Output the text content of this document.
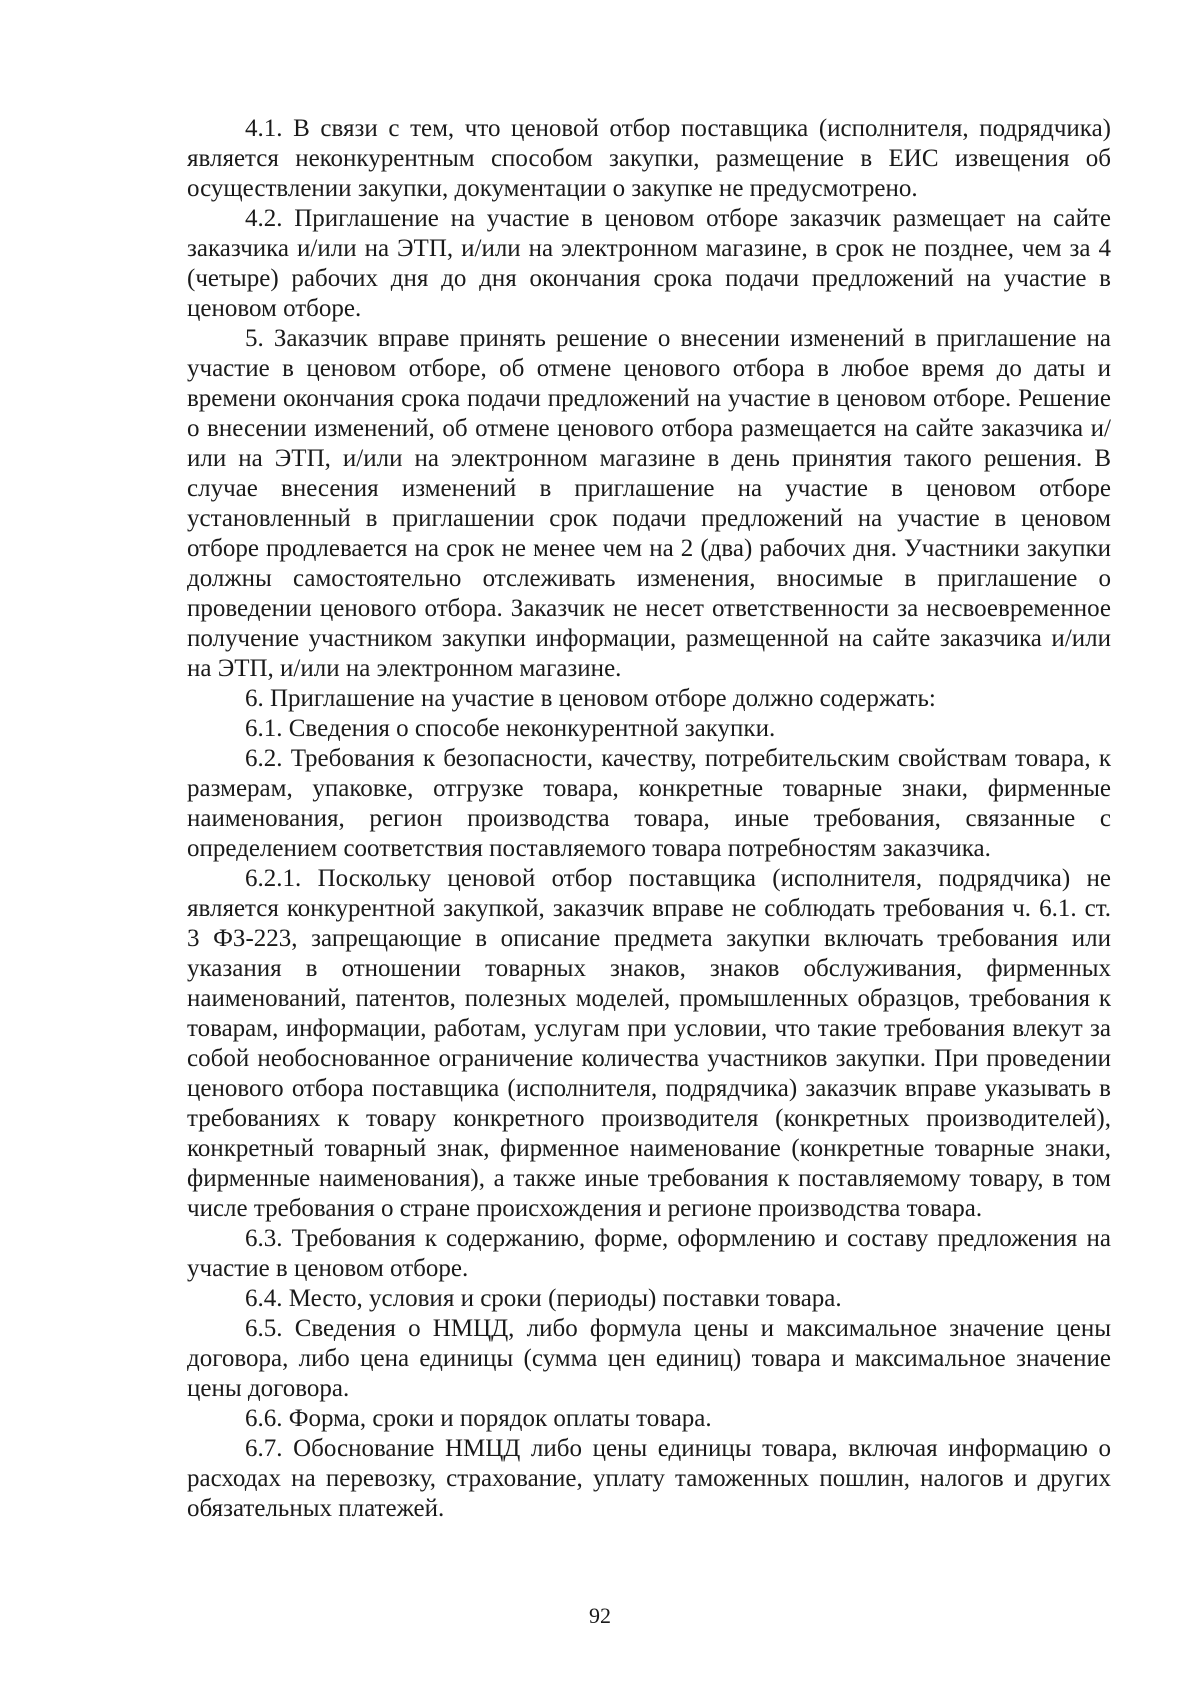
4.1. В связи с тем, что ценовой отбор поставщика (исполнителя, подрядчика) является неконкурентным способом закупки, размещение в ЕИС извещения об осуществлении закупки, документации о закупке не предусмотрено.

4.2. Приглашение на участие в ценовом отборе заказчик размещает на сайте заказчика и/или на ЭТП, и/или на электронном магазине, в срок не позднее, чем за 4 (четыре) рабочих дня до дня окончания срока подачи предложений на участие в ценовом отборе.

5. Заказчик вправе принять решение о внесении изменений в приглашение на участие в ценовом отборе, об отмене ценового отбора в любое время до даты и времени окончания срока подачи предложений на участие в ценовом отборе. Решение о внесении изменений, об отмене ценового отбора размещается на сайте заказчика и/или на ЭТП, и/или на электронном магазине в день принятия такого решения. В случае внесения изменений в приглашение на участие в ценовом отборе установленный в приглашении срок подачи предложений на участие в ценовом отборе продлевается на срок не менее чем на 2 (два) рабочих дня. Участники закупки должны самостоятельно отслеживать изменения, вносимые в приглашение о проведении ценового отбора. Заказчик не несет ответственности за несвоевременное получение участником закупки информации, размещенной на сайте заказчика и/или на ЭТП, и/или на электронном магазине.

6. Приглашение на участие в ценовом отборе должно содержать:

6.1. Сведения о способе неконкурентной закупки.

6.2. Требования к безопасности, качеству, потребительским свойствам товара, к размерам, упаковке, отгрузке товара, конкретные товарные знаки, фирменные наименования, регион производства товара, иные требования, связанные с определением соответствия поставляемого товара потребностям заказчика.

6.2.1. Поскольку ценовой отбор поставщика (исполнителя, подрядчика) не является конкурентной закупкой, заказчик вправе не соблюдать требования ч. 6.1. ст. 3 ФЗ-223, запрещающие в описание предмета закупки включать требования или указания в отношении товарных знаков, знаков обслуживания, фирменных наименований, патентов, полезных моделей, промышленных образцов, требования к товарам, информации, работам, услугам при условии, что такие требования влекут за собой необоснованное ограничение количества участников закупки. При проведении ценового отбора поставщика (исполнителя, подрядчика) заказчик вправе указывать в требованиях к товару конкретного производителя (конкретных производителей), конкретный товарный знак, фирменное наименование (конкретные товарные знаки, фирменные наименования), а также иные требования к поставляемому товару, в том числе требования о стране происхождения и регионе производства товара.

6.3. Требования к содержанию, форме, оформлению и составу предложения на участие в ценовом отборе.

6.4. Место, условия и сроки (периоды) поставки товара.

6.5. Сведения о НМЦД, либо формула цены и максимальное значение цены договора, либо цена единицы (сумма цен единиц) товара и максимальное значение цены договора.

6.6. Форма, сроки и порядок оплаты товара.

6.7. Обоснование НМЦД либо цены единицы товара, включая информацию о расходах на перевозку, страхование, уплату таможенных пошлин, налогов и других обязательных платежей.

92
